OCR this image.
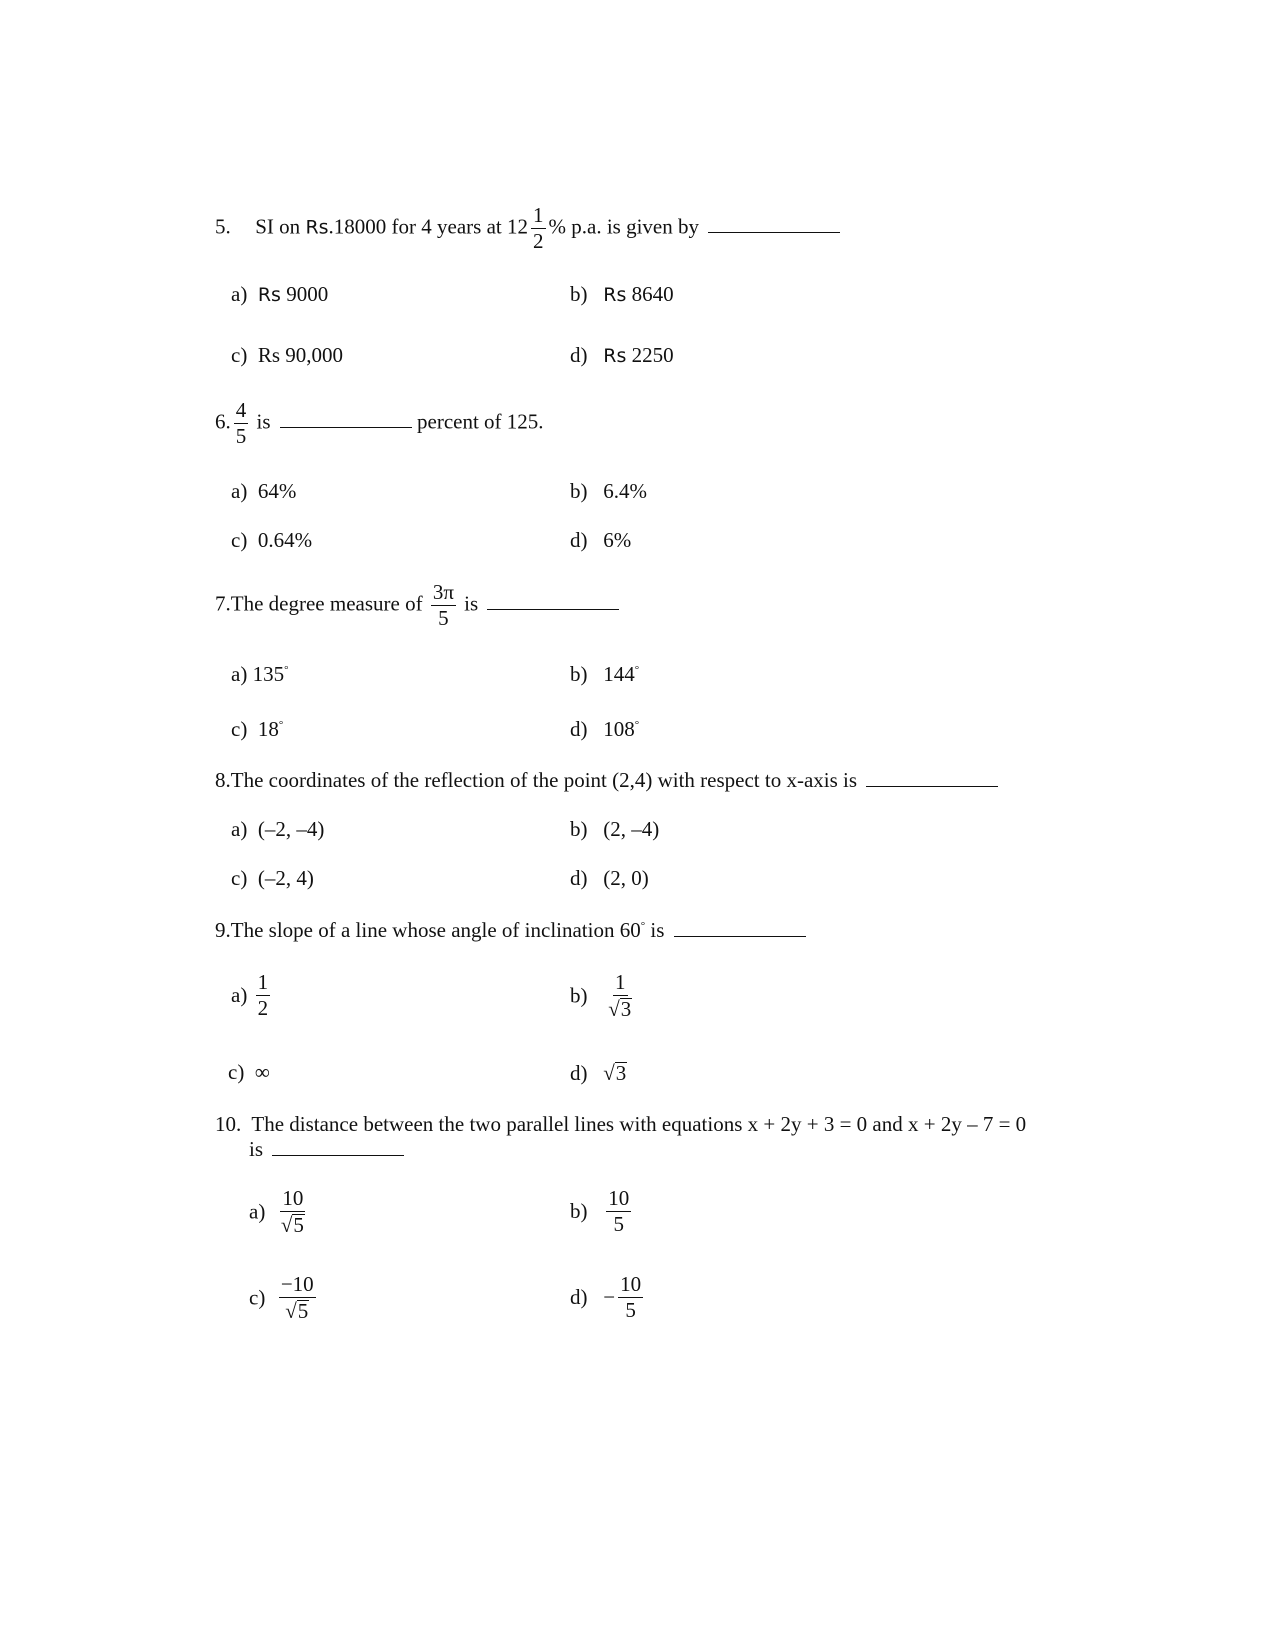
5. SI on Rs.18000 for 4 years at $12 \frac{1}{2}$ % p.a. is given by
a) Rs 9000	b) Rs 8640
c) Rs 90,000	d) Rs 2250
6. $\frac{4}{5}$ is	percent of 125.
a) 64%	b) 6.4%
c) 0.64%	d) 6%
7.The degree measure of $\frac{3\pi}{5}$ is
a) 135°	b) 144°
c) 18°	d) 108°
8.The coordinates of the reflection of the point (2,4) with respect to x-axis is
a) (–2, –4)	b) (2, –4)
c) (–2, 4)	d) (2, 0)
9.The slope of a line whose angle of inclination 60° is
$a) \frac{1}{2}$	$b) \frac{1}{√3}$
c) ∞	d) √3
10. The distance between the two parallel lines with equations x + 2y + 3 = 0 and x + 2y – 7 = 0
is
$a) \frac{10}{√5}$	$b) \frac{10}{5}$
$c) \frac{-10}{√5}$	$d) - \frac{10}{5}$
